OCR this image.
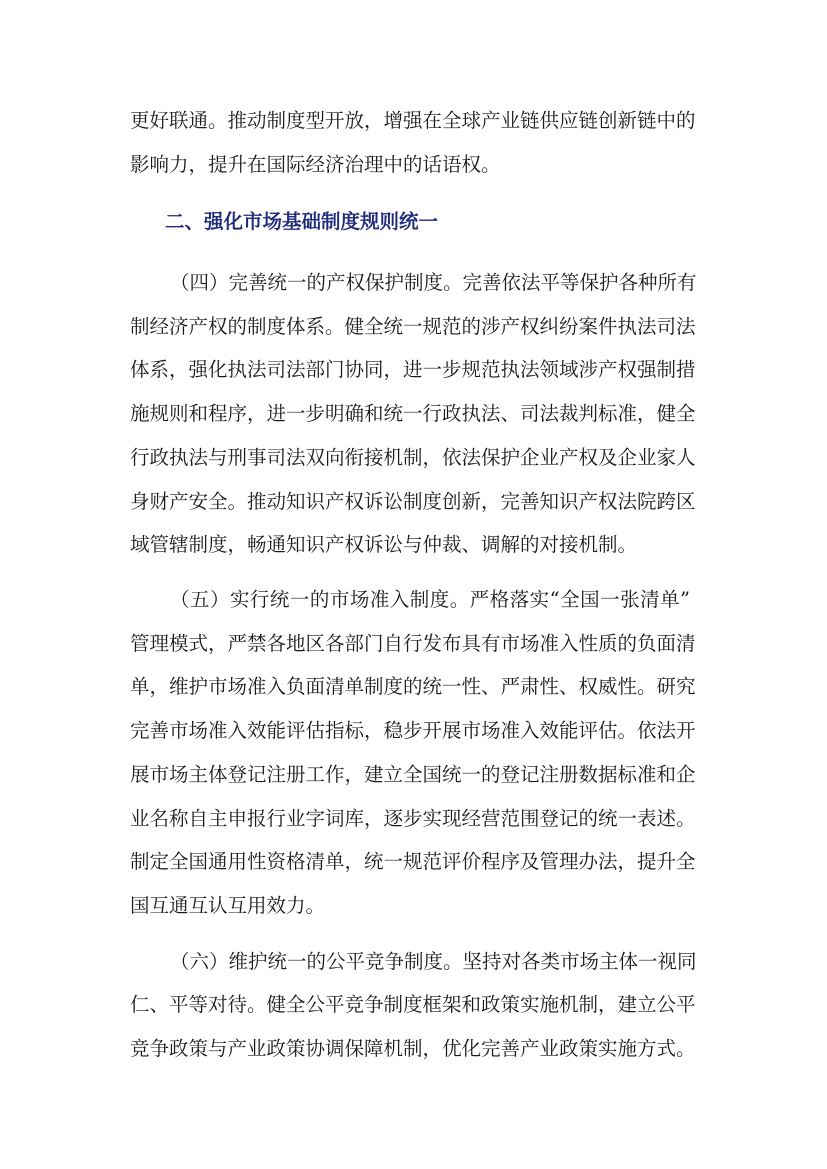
更好联通。推动制度型开放，增强在全球产业链供应链创新链中的
影响力，提升在国际经济治理中的话语权。
二、强化市场基础制度规则统一
（四）完善统一的产权保护制度。完善依法平等保护各种所有
制经济产权的制度体系。健全统一规范的涉产权纠纷案件执法司法
体系，强化执法司法部门协同，进一步规范执法领域涉产权强制措
施规则和程序，进一步明确和统一行政执法、司法裁判标准，健全
行政执法与刑事司法双向衔接机制，依法保护企业产权及企业家人
身财产安全。推动知识产权诉讼制度创新，完善知识产权法院跨区
域管辖制度，畅通知识产权诉讼与仲裁、调解的对接机制。
（五）实行统一的市场准入制度。严格落实“全国一张清单”
管理模式，严禁各地区各部门自行发布具有市场准入性质的负面清
单，维护市场准入负面清单制度的统一性、严肃性、权威性。研究
完善市场准入效能评估指标，稳步开展市场准入效能评估。依法开
展市场主体登记注册工作，建立全国统一的登记注册数据标准和企
业名称自主申报行业字词库，逐步实现经营范围登记的统一表述。
制定全国通用性资格清单，统一规范评价程序及管理办法，提升全
国互通互认互用效力。
（六）维护统一的公平竞争制度。坚持对各类市场主体一视同
仁、平等对待。健全公平竞争制度框架和政策实施机制，建立公平
竞争政策与产业政策协调保障机制，优化完善产业政策实施方式。
